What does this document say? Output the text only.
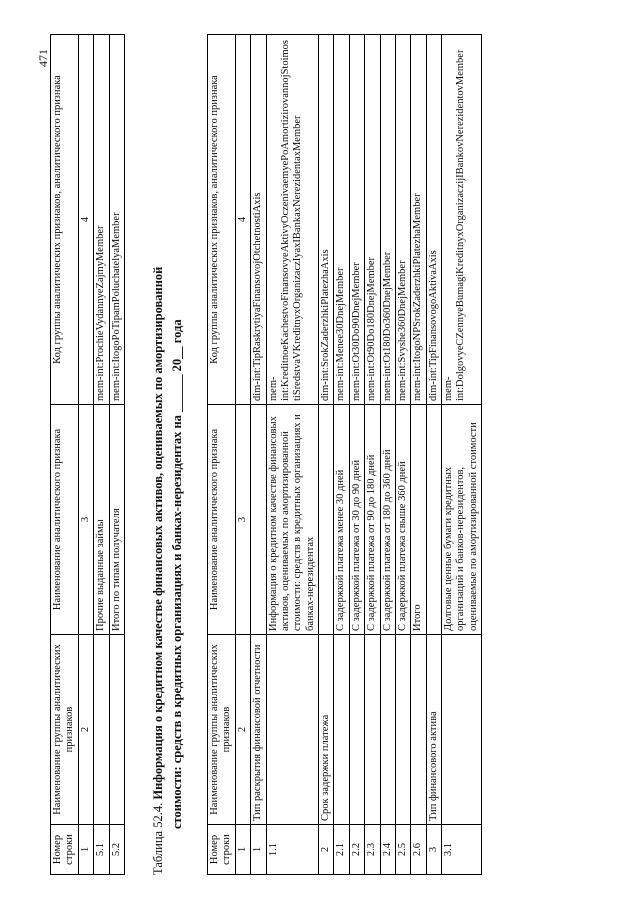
471
Номер строки	Наименование группы аналитических признаков	Наименование аналитического признака	Код группы аналитических признаков, аналитического признака
1	2	3	4
5.1		Прочие выданные займы	mem-int:ProchieVydannyeZajmyMember
5.2		Итого по типам получателя	mem-int:ItogoPoTipamPoluchatelyaMember
Таблица 52.4. Информация о кредитном качестве финансовых активов, оцениваемых по амортизированной стоимости: средств в кредитных организациях и банках-нерезидентах на ______ 20__ года
Номер строки	Наименование группы аналитических признаков	Наименование аналитического признака	Код группы аналитических признаков, аналитического признака
1	2	3	4
1	Тип раскрытия финансовой отчетности		dim-int:TipRaskrytiyaFinansovojOtchetnostiAxis
1.1		Информация о кредитном качестве финансовых активов, оцениваемых по амортизированной стоимости: средств в кредитных организациях и банках-нерезидентах	mem-int:KreditnoeKachestvoFinansovyeAktivyOczenivaemyePoAmortizirovannojStoimostiSredstvaVKreditnyxOrganizaczIyaxIBankaxNerezidentaxMember
2	Срок задержки платежа		dim-int:SrokZaderzhkiPlatezhaAxis
2.1		С задержкой платежа менее 30 дней	mem-int:Menee30DnejMember
2.2		С задержкой платежа от 30 до 90 дней	mem-int:Ot30Do90DnejMember
2.3		С задержкой платежа от 90 до 180 дней	mem-int:Ot90Do180DnejMember
2.4		С задержкой платежа от 180 до 360 дней	mem-int:Ot180Do360DnejMember
2.5		С задержкой платежа свыше 360 дней	mem-int:Svyshe360DnejMember
2.6		Итого	mem-int:ItogoNPSrokZaderzhkiPlatezhaMember
3	Тип финансового актива		dim-int:TipFinansovogoAktivaAxis
3.1		Долговые ценные бумаги кредитных организаций и банков-нерезидентов, оцениваемые по амортизированной стоимости	mem-int:DolgovyeCZennyeBumagiKreditnyxOrganizaczijIBankovNerezidentovMember
